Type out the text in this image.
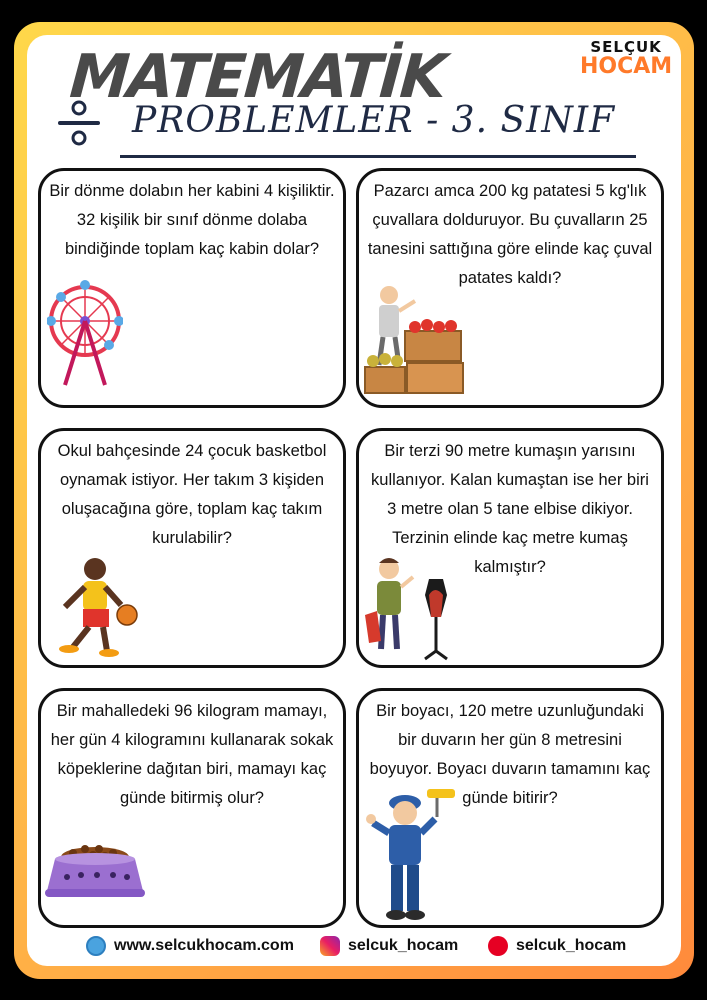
MATEMATİK	SELÇUK
HOCAM
PROBLEMLER - 3. SINIF
Bir dönme dolabın her kabini 4 kişiliktir. 32 kişilik bir sınıf dönme dolaba bindiğinde toplam kaç kabin dolar?
Pazarcı amca 200 kg patatesi 5 kg'lık çuvallara dolduruyor. Bu çuvalların 25 tanesini sattığına göre elinde kaç çuval patates kaldı?
Okul bahçesinde 24 çocuk basketbol oynamak istiyor. Her takım 3 kişiden oluşacağına göre, toplam kaç takım kurulabilir?
Bir terzi 90 metre kumaşın yarısını kullanıyor. Kalan kumaştan ise her biri 3 metre olan 5 tane elbise dikiyor. Terzinin elinde kaç metre kumaş kalmıştır?
Bir mahalledeki 96 kilogram mamayı, her gün 4 kilogramını kullanarak sokak köpeklerine dağıtan biri, mamayı kaç günde bitirmiş olur?
Bir boyacı, 120 metre uzunluğundaki bir duvarın her gün 8 metresini boyuyor. Boyacı duvarın tamamını kaç günde bitirir?
www.selcukhocam.com	selcuk_hocam	selcuk_hocam
